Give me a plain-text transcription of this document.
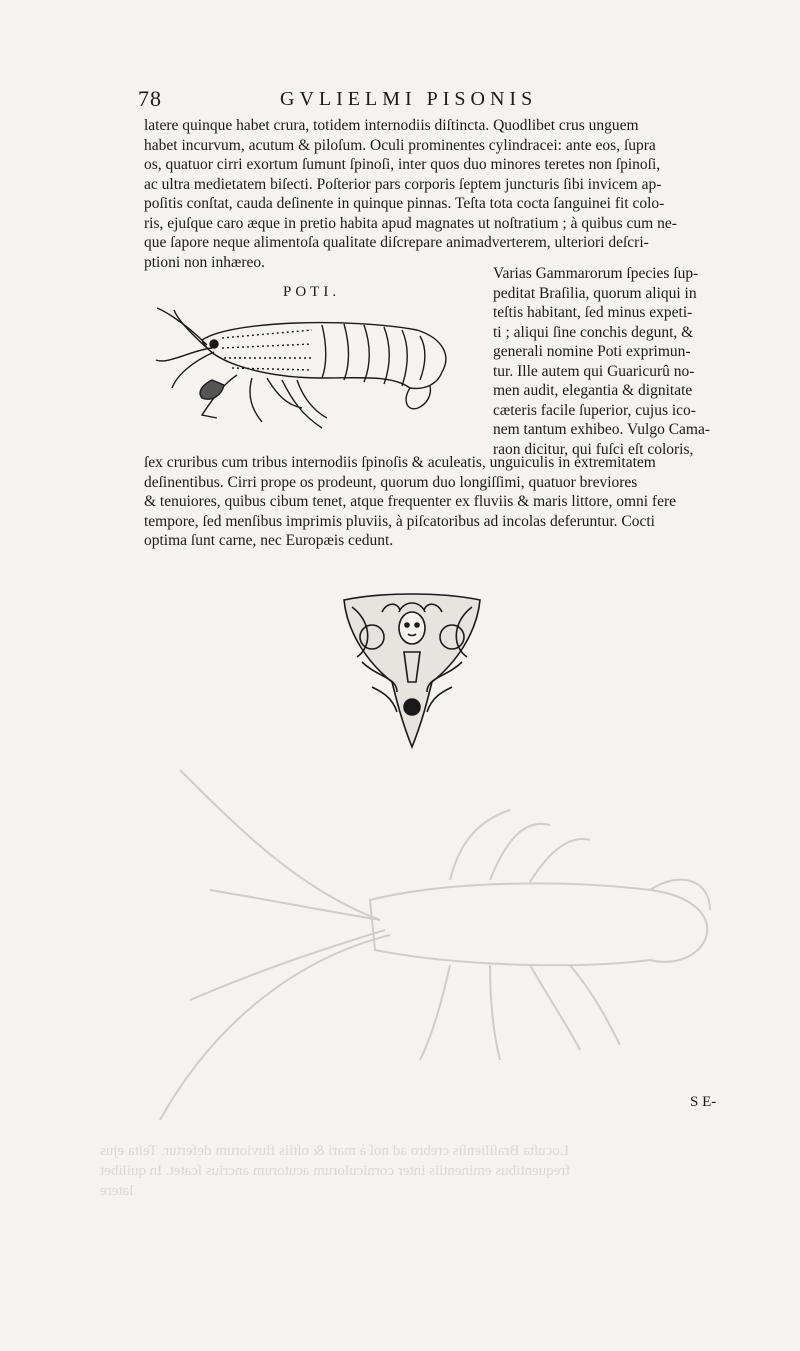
78	GVLIELMI PISONIS

latere quinque habet crura, totidem internodiis diſtincta. Quodlibet crus unguem
habet incurvum, acutum & piloſum. Oculi prominentes cylindracei: ante eos, ſupra
os, quatuor cirri exortum ſumunt ſpinoſi, inter quos duo minores teretes non ſpinoſi,
ac ultra medietatem biſecti. Poſterior pars corporis ſeptem juncturis ſibi invicem ap-
poſitis conſtat, cauda deſinente in quinque pinnas. Teſta tota cocta ſanguinei fit colo-
ris, ejuſque caro æque in pretio habita apud magnates ut noſtratium ; à quibus cum ne-
que ſapore neque alimentoſa qualitate diſcrepare animadverterem, ulteriori deſcri-
ptioni non inhæreo.

POTI.

Varias Gammarorum ſpecies ſup-
peditat Braſilia, quorum aliqui in
teſtis habitant, ſed minus expeti-
ti ; aliqui ſine conchis degunt, &
generali nomine Poti exprimun-
tur. Ille autem qui Guaricurû no-
men audit, elegantia & dignitate
cæteris facile ſuperior, cujus ico-
nem tantum exhibeo. Vulgo Cama-
raon dicitur, qui fuſci eſt coloris,

ſex cruribus cum tribus internodiis ſpinoſis & aculeatis, unguiculis in extremitatem
deſinentibus. Cirri prope os prodeunt, quorum duo longiſſimi, quatuor breviores
& tenuiores, quibus cibum tenet, atque frequenter ex fluviis & maris littore, omni fere
tempore, ſed menſibus imprimis pluviis, à piſcatoribus ad incolas deferuntur. Cocti
optima ſunt carne, nec Europæis cedunt.

S E-
Locuſta Braſilienſis crebro ad noſ à mari & oſtiis fluviorum defertur. Teſta ejus
frequentibus eminentiis inter corniculorum acutorum ancrius ſcatet. In quilibet
latere
